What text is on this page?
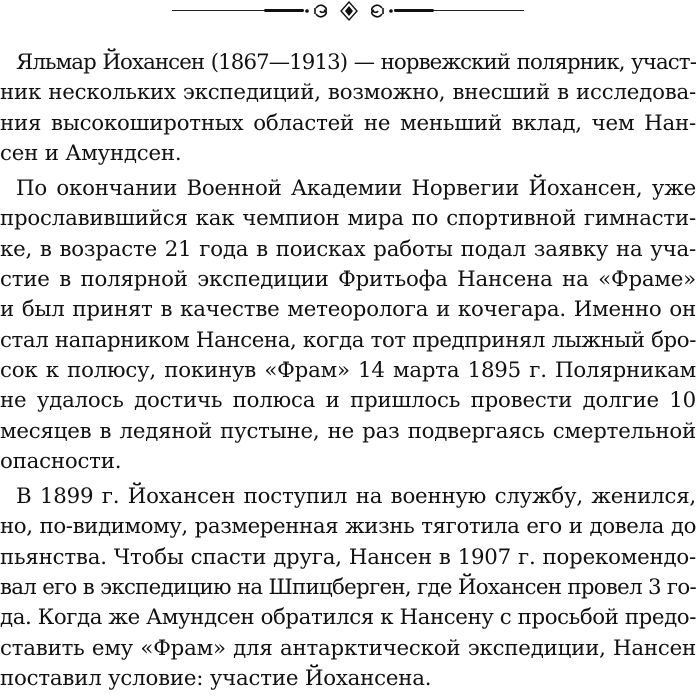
Яльмар Йохансен (1867—1913) — норвежский полярник, участ-
ник нескольких экспедиций, возможно, внесший в исследова-
ния высокоширотных областей не меньший вклад, чем Нан-
сен и Амундсен.

По окончании Военной Академии Норвегии Йохансен, уже
прославившийся как чемпион мира по спортивной гимнасти-
ке, в возрасте 21 года в поисках работы подал заявку на уча-
стие в полярной экспедиции Фритьофа Нансена на «Фраме»
и был принят в качестве метеоролога и кочегара. Именно он
стал напарником Нансена, когда тот предпринял лыжный бро-
сок к полюсу, покинув «Фрам» 14 марта 1895 г. Полярникам
не удалось достичь полюса и пришлось провести долгие 10
месяцев в ледяной пустыне, не раз подвергаясь смертельной
опасности.

В 1899 г. Йохансен поступил на военную службу, женился,
но, по-видимому, размеренная жизнь тяготила его и довела до
пьянства. Чтобы спасти друга, Нансен в 1907 г. порекомендо-
вал его в экспедицию на Шпицберген, где Йохансен провел 3 го-
да. Когда же Амундсен обратился к Нансену с просьбой предо-
ставить ему «Фрам» для антарктической экспедиции, Нансен
поставил условие: участие Йохансена.
